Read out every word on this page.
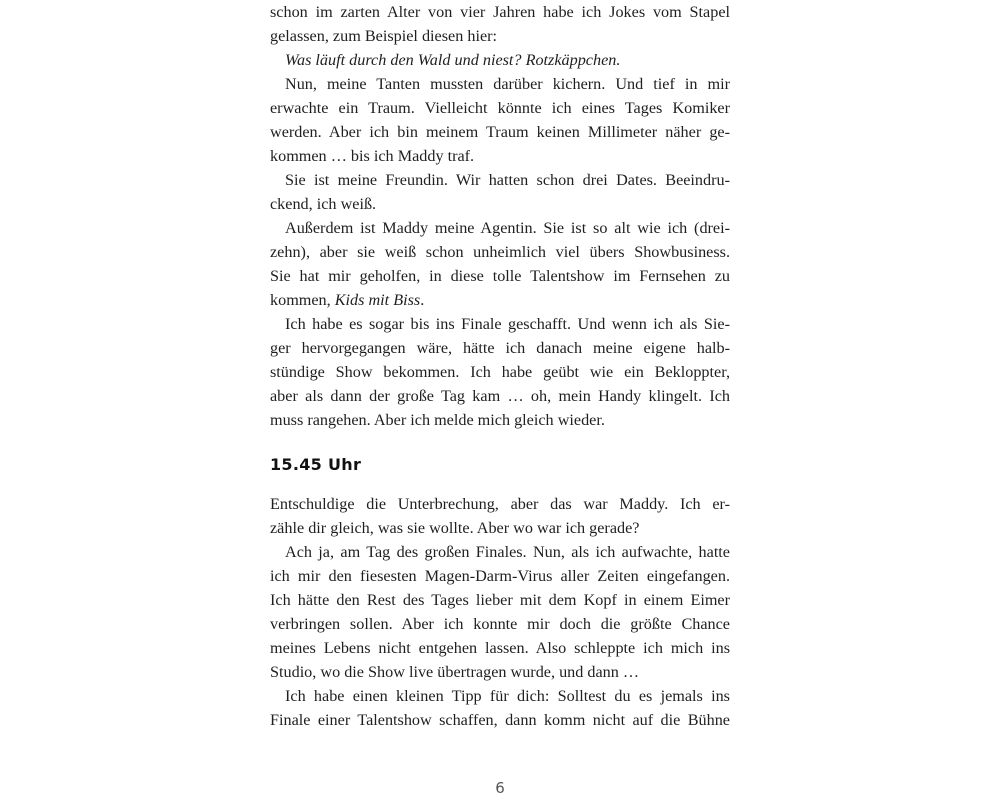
schon im zarten Alter von vier Jahren habe ich Jokes vom Stapel
gelassen, zum Beispiel diesen hier:
Was läuft durch den Wald und niest? Rotzkäppchen.
Nun, meine Tanten mussten darüber kichern. Und tief in mir
erwachte ein Traum. Vielleicht könnte ich eines Tages Komiker
werden. Aber ich bin meinem Traum keinen Millimeter näher ge-
kommen … bis ich Maddy traf.
Sie ist meine Freundin. Wir hatten schon drei Dates. Beeindru-
ckend, ich weiß.
Außerdem ist Maddy meine Agentin. Sie ist so alt wie ich (drei-
zehn), aber sie weiß schon unheimlich viel übers Showbusiness.
Sie hat mir geholfen, in diese tolle Talentshow im Fernsehen zu
kommen, Kids mit Biss.
Ich habe es sogar bis ins Finale geschafft. Und wenn ich als Sie-
ger hervorgegangen wäre, hätte ich danach meine eigene halb-
stündige Show bekommen. Ich habe geübt wie ein Bekloppter,
aber als dann der große Tag kam … oh, mein Handy klingelt. Ich
muss rangehen. Aber ich melde mich gleich wieder.
15.45 Uhr
Entschuldige die Unterbrechung, aber das war Maddy. Ich er-
zähle dir gleich, was sie wollte. Aber wo war ich gerade?
Ach ja, am Tag des großen Finales. Nun, als ich aufwachte, hatte
ich mir den fiesesten Magen-Darm-Virus aller Zeiten eingefangen.
Ich hätte den Rest des Tages lieber mit dem Kopf in einem Eimer
verbringen sollen. Aber ich konnte mir doch die größte Chance
meines Lebens nicht entgehen lassen. Also schleppte ich mich ins
Studio, wo die Show live übertragen wurde, und dann …
Ich habe einen kleinen Tipp für dich: Solltest du es jemals ins
Finale einer Talentshow schaffen, dann komm nicht auf die Bühne
6
